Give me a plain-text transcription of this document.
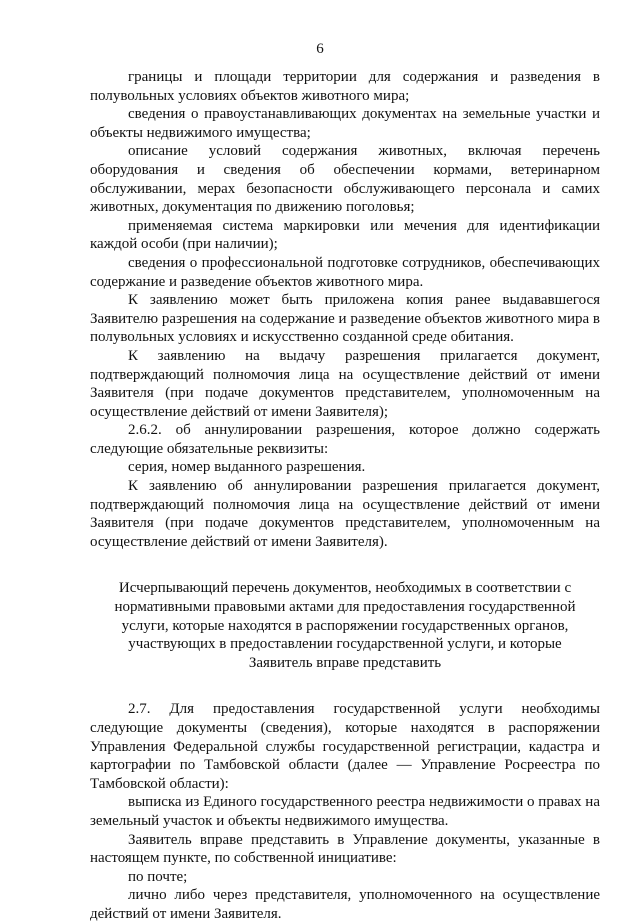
6

границы и площади территории для содержания и разведения в полувольных условиях объектов животного мира;

сведения о правоустанавливающих документах на земельные участки и объекты недвижимого имущества;

описание условий содержания животных, включая перечень оборудования и сведения об обеспечении кормами, ветеринарном обслуживании, мерах безопасности обслуживающего персонала и самих животных, документация по движению поголовья;

применяемая система маркировки или мечения для идентификации каждой особи (при наличии);

сведения о профессиональной подготовке сотрудников, обеспечивающих содержание и разведение объектов животного мира.

К заявлению может быть приложена копия ранее выдававшегося Заявителю разрешения на содержание и разведение объектов животного мира в полувольных условиях и искусственно созданной среде обитания.

К заявлению на выдачу разрешения прилагается документ, подтверждающий полномочия лица на осуществление действий от имени Заявителя (при подаче документов представителем, уполномоченным на осуществление действий от имени Заявителя);

2.6.2. об аннулировании разрешения, которое должно содержать следующие обязательные реквизиты:

серия, номер выданного разрешения.

К заявлению об аннулировании разрешения прилагается документ, подтверждающий полномочия лица на осуществление действий от имени Заявителя (при подаче документов представителем, уполномоченным на осуществление действий от имени Заявителя).

Исчерпывающий перечень документов, необходимых в соответствии с
нормативными правовыми актами для предоставления государственной
услуги, которые находятся в распоряжении государственных органов,
участвующих в предоставлении государственной услуги, и которые
Заявитель вправе представить

2.7. Для предоставления государственной услуги необходимы следующие документы (сведения), которые находятся в распоряжении Управления Федеральной службы государственной регистрации, кадастра и картографии по Тамбовской области (далее — Управление Росреестра по Тамбовской области):

выписка из Единого государственного реестра недвижимости о правах на земельный участок и объекты недвижимого имущества.

Заявитель вправе представить в Управление документы, указанные в настоящем пункте, по собственной инициативе:

по почте;

лично либо через представителя, уполномоченного на осуществление действий от имени Заявителя.
